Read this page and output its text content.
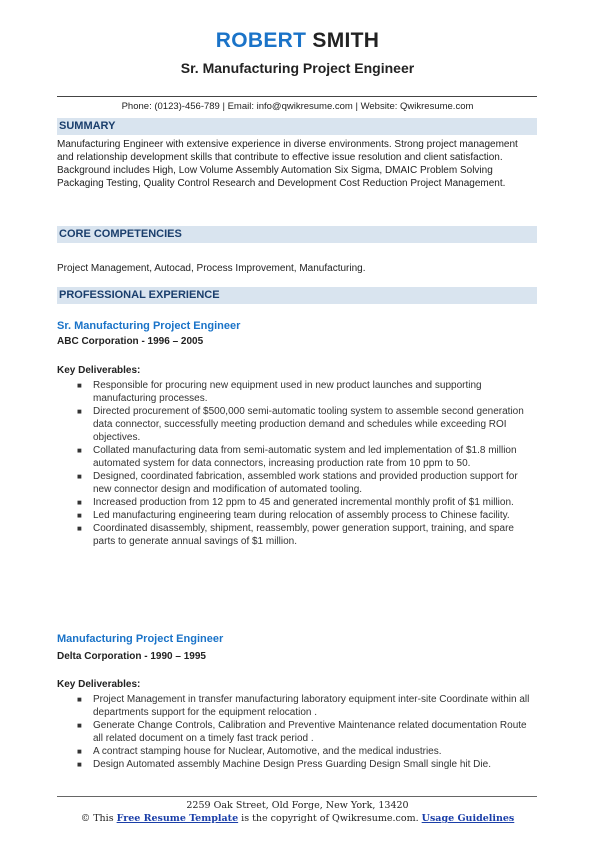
ROBERT SMITH
Sr. Manufacturing Project Engineer
Phone: (0123)-456-789 | Email: info@qwikresume.com | Website: Qwikresume.com
SUMMARY
Manufacturing Engineer with extensive experience in diverse environments. Strong project management and relationship development skills that contribute to effective issue resolution and client satisfaction. Background includes High, Low Volume Assembly Automation Six Sigma, DMAIC Problem Solving Packaging Testing, Quality Control Research and Development Cost Reduction Project Management.
CORE COMPETENCIES
Project Management, Autocad, Process Improvement, Manufacturing.
PROFESSIONAL EXPERIENCE
Sr. Manufacturing Project Engineer
ABC Corporation - 1996 – 2005
Key Deliverables:
■ Responsible for procuring new equipment used in new product launches and supporting manufacturing processes.
■ Directed procurement of $500,000 semi-automatic tooling system to assemble second generation data connector, successfully meeting production demand and schedules while exceeding ROI objectives.
■ Collated manufacturing data from semi-automatic system and led implementation of $1.8 million automated system for data connectors, increasing production rate from 10 ppm to 50.
■ Designed, coordinated fabrication, assembled work stations and provided production support for new connector design and modification of automated tooling.
■ Increased production from 12 ppm to 45 and generated incremental monthly profit of $1 million.
■ Led manufacturing engineering team during relocation of assembly process to Chinese facility.
■ Coordinated disassembly, shipment, reassembly, power generation support, training, and spare parts to generate annual savings of $1 million.
Manufacturing Project Engineer
Delta Corporation - 1990 – 1995
Key Deliverables:
■ Project Management in transfer manufacturing laboratory equipment inter-site Coordinate within all departments support for the equipment relocation .
■ Generate Change Controls, Calibration and Preventive Maintenance related documentation Route all related document on a timely fast track period .
■ A contract stamping house for Nuclear, Automotive, and the medical industries.
■ Design Automated assembly Machine Design Press Guarding Design Small single hit Die.
2259 Oak Street, Old Forge, New York, 13420
© This Free Resume Template is the copyright of Qwikresume.com. Usage Guidelines
